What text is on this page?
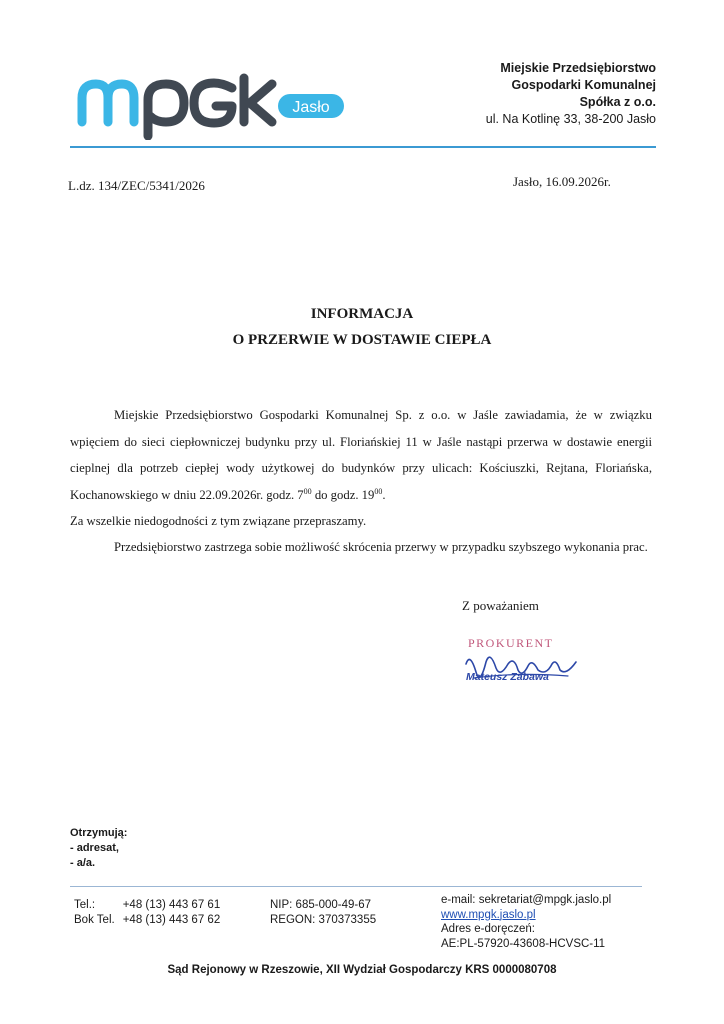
Jasło
Miejskie Przedsiębiorstwo
Gospodarki Komunalnej
Spółka z o.o.
ul. Na Kotlinę 33, 38-200 Jasło
L.dz. 134/ZEC/5341/2026	Jasło, 16.09.2026r.
INFORMACJA
O PRZERWIE W DOSTAWIE CIEPŁA
Miejskie Przedsiębiorstwo Gospodarki Komunalnej Sp. z o.o. w Jaśle zawiadamia, że w związku wpięciem do sieci ciepłowniczej budynku przy ul. Floriańskiej 11 w Jaśle nastąpi przerwa w dostawie energii cieplnej dla potrzeb ciepłej wody użytkowej do budynków przy ulicach: Kościuszki, Rejtana, Floriańska, Kochanowskiego w dniu 22.09.2026r. godz. $7^{00}$ do godz. $19^{00}$.
Za wszelkie niedogodności z tym związane przepraszamy.
Przedsiębiorstwo zastrzega sobie możliwość skrócenia przerwy w przypadku szybszego wykonania prac.
Z poważaniem
PROKURENT
Mateusz Zabawa
Otrzymują:
- adresat,
- a/a.
Tel.:	+48 (13) 443 67 61
Bok Tel.	+48 (13) 443 67 62
NIP: 685-000-49-67
REGON: 370373355
e-mail: sekretariat@mpgk.jaslo.pl
www.mpgk.jaslo.pl
Adres e-doręczeń:
AE:PL-57920-43608-HCVSC-11
Sąd Rejonowy w Rzeszowie, XII Wydział Gospodarczy KRS 0000080708
